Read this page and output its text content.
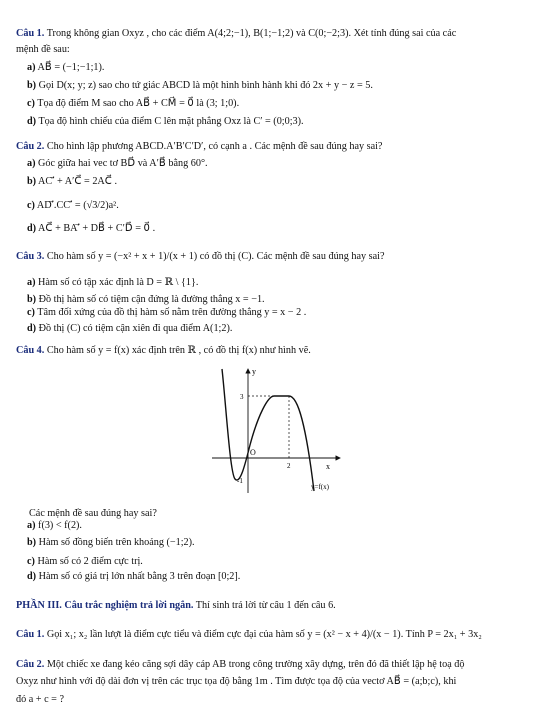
Câu 1. Trong không gian Oxyz , cho các điểm A(4;2;−1), B(1;−1;2) và C(0;−2;3). Xét tính đúng sai của các
mệnh đề sau:
a) AB⃗ = (−1;−1;1).
b) Gọi D(x; y; z) sao cho tứ giác ABCD là một hình bình hành khi đó 2x + y − z = 5.
c) Tọa độ điểm M sao cho AB⃗ + CM⃗ = 0⃗ là (3; 1;0).
d) Tọa độ hình chiếu của điểm C lên mặt phẳng Oxz là C′ = (0;0;3).
Câu 2. Cho hình lập phương ABCD.A′B′C′D′, có cạnh a . Các mệnh đề sau đúng hay sai?
a) Góc giữa hai vec tơ BD⃗ và A′B⃗ bằng 60°.
b) AC′⃗ + A′C⃗ = 2AC⃗ .
c) AD′⃗.CC′⃗ = (√3/2)a².
d) AC⃗ + BA′⃗ + DB⃗ + C′D⃗ = 0⃗ .
Câu 3. Cho hàm số y = (−x² + x + 1)/(x + 1) có đồ thị (C). Các mệnh đề sau đúng hay sai?
a) Hàm số có tập xác định là D = ℝ \ {1}.
b) Đồ thị hàm số có tiệm cận đứng là đường thẳng x = −1.
c) Tâm đối xứng của đồ thị hàm số nằm trên đường thẳng y = x − 2 .
d) Đồ thị (C) có tiệm cận xiên đi qua điểm A(1;2).
Câu 4. Cho hàm số y = f(x) xác định trên ℝ , có đồ thị f(x) như hình vẽ.
y
x
O
3
2
-1
y=f(x)
Các mệnh đề sau đúng hay sai?
a) f(3) < f(2).
b) Hàm số đồng biến trên khoảng (−1;2).
c) Hàm số có 2 điểm cực trị.
d) Hàm số có giá trị lớn nhất bằng 3 trên đoạn [0;2].
PHẦN III. Câu trắc nghiệm trả lời ngắn. Thí sinh trả lời từ câu 1 đến câu 6.
Câu 1. Gọi x₁; x₂ lần lượt là điểm cực tiểu và điểm cực đại của hàm số y = (x² − x + 4)/(x − 1). Tính P = 2x₁ + 3x₂
Câu 2. Một chiếc xe đang kéo căng sợi dây cáp AB trong công trường xây dựng, trên đó đã thiết lập hệ toạ độ
Oxyz như hình với độ dài đơn vị trên các trục tọa độ bằng 1m . Tìm được tọa độ của vectơ AB⃗ = (a;b;c), khi
đó a + c = ?
